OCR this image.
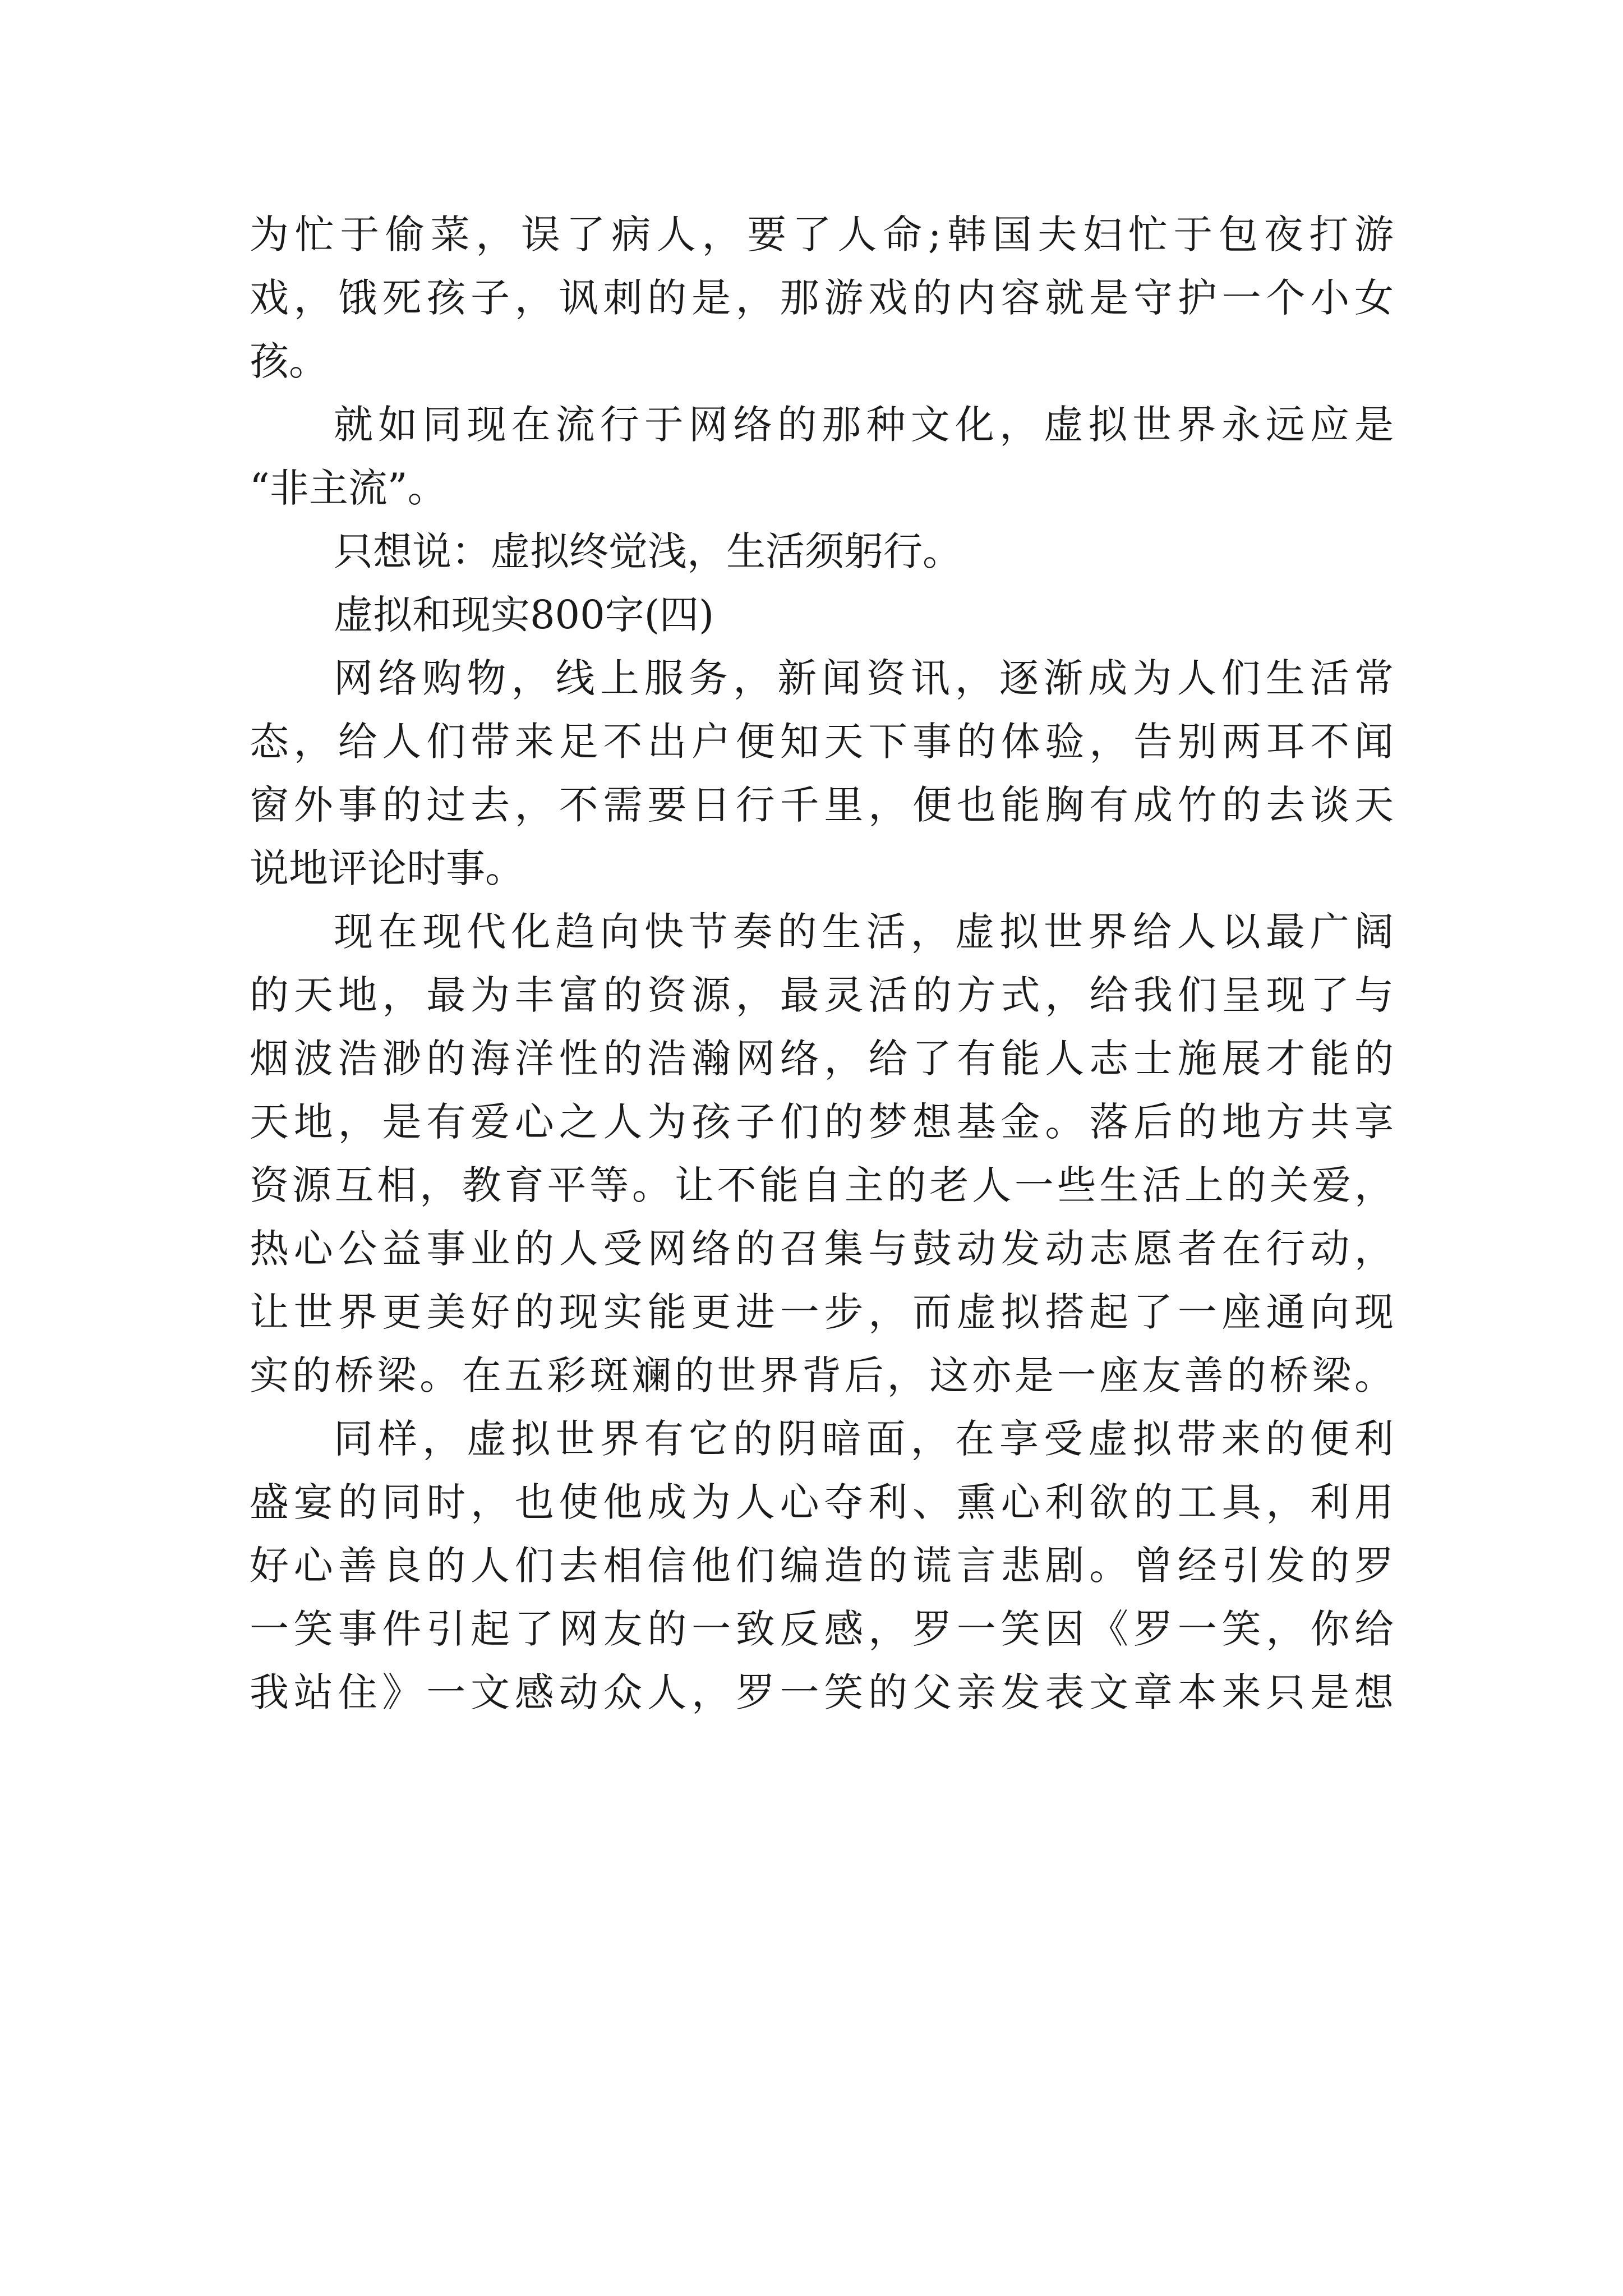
为忙于偷菜，误了病人，要了人命;韩国夫妇忙于包夜打游
戏，饿死孩子，讽刺的是，那游戏的内容就是守护一个小女
孩。
就如同现在流行于网络的那种文化，虚拟世界永远应是
“非主流”。
只想说：虚拟终觉浅，生活须躬行。
虚拟和现实800字(四)
网络购物，线上服务，新闻资讯，逐渐成为人们生活常
态，给人们带来足不出户便知天下事的体验，告别两耳不闻
窗外事的过去，不需要日行千里，便也能胸有成竹的去谈天
说地评论时事。
现在现代化趋向快节奏的生活，虚拟世界给人以最广阔
的天地，最为丰富的资源，最灵活的方式，给我们呈现了与
烟波浩渺的海洋性的浩瀚网络，给了有能人志士施展才能的
天地，是有爱心之人为孩子们的梦想基金。落后的地方共享
资源互相，教育平等。让不能自主的老人一些生活上的关爱，
热心公益事业的人受网络的召集与鼓动发动志愿者在行动，
让世界更美好的现实能更进一步，而虚拟搭起了一座通向现
实的桥梁。在五彩斑斓的世界背后，这亦是一座友善的桥梁。
同样，虚拟世界有它的阴暗面，在享受虚拟带来的便利
盛宴的同时，也使他成为人心夺利、熏心利欲的工具，利用
好心善良的人们去相信他们编造的谎言悲剧。曾经引发的罗
一笑事件引起了网友的一致反感，罗一笑因《罗一笑，你给
我站住》一文感动众人，罗一笑的父亲发表文章本来只是想
